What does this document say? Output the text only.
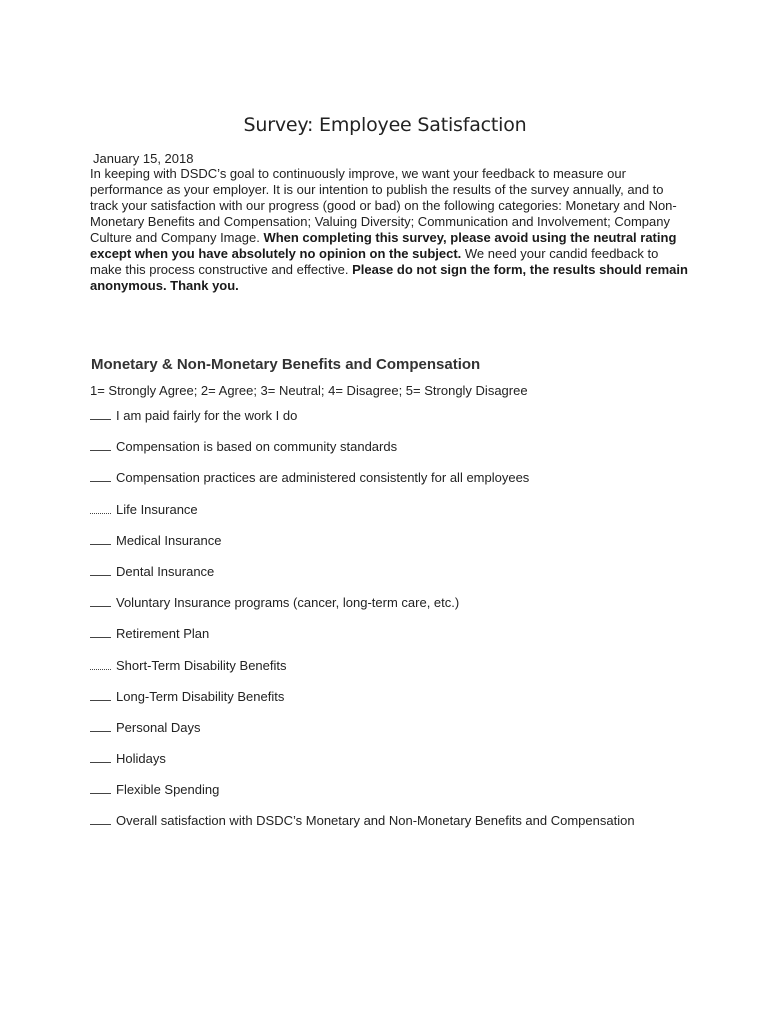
Survey: Employee Satisfaction
January 15, 2018
In keeping with DSDC’s goal to continuously improve, we want your feedback to measure our performance as your employer. It is our intention to publish the results of the survey annually, and to track your satisfaction with our progress (good or bad) on the following categories: Monetary and Non-Monetary Benefits and Compensation; Valuing Diversity; Communication and Involvement; Company Culture and Company Image. When completing this survey, please avoid using the neutral rating except when you have absolutely no opinion on the subject. We need your candid feedback to make this process constructive and effective. Please do not sign the form, the results should remain anonymous. Thank you.
Monetary & Non-Monetary Benefits and Compensation
1= Strongly Agree; 2= Agree; 3= Neutral; 4= Disagree; 5= Strongly Disagree
I am paid fairly for the work I do
Compensation is based on community standards
Compensation practices are administered consistently for all employees
Life Insurance
Medical Insurance
Dental Insurance
Voluntary Insurance programs (cancer, long-term care, etc.)
Retirement Plan
Short-Term Disability Benefits
Long-Term Disability Benefits
Personal Days
Holidays
Flexible Spending
Overall satisfaction with DSDC’s Monetary and Non-Monetary Benefits and Compensation
